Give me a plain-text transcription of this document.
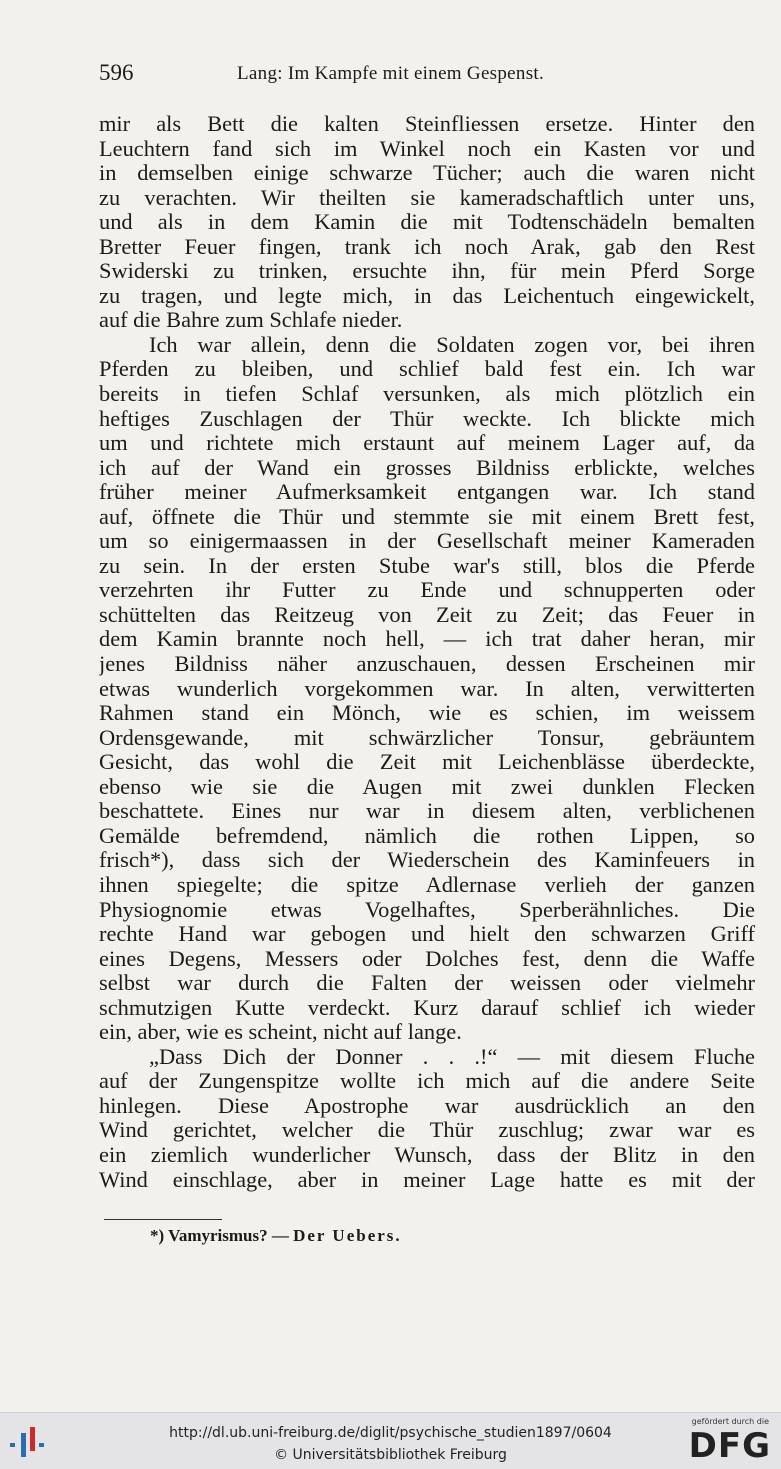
596	Lang: Im Kampfe mit einem Gespenst.
mir als Bett die kalten Steinfliessen ersetze. Hinter den
Leuchtern fand sich im Winkel noch ein Kasten vor und
in demselben einige schwarze Tücher; auch die waren nicht
zu verachten. Wir theilten sie kameradschaftlich unter uns,
und als in dem Kamin die mit Todtenschädeln bemalten
Bretter Feuer fingen, trank ich noch Arak, gab den Rest
Swiderski zu trinken, ersuchte ihn, für mein Pferd Sorge
zu tragen, und legte mich, in das Leichentuch eingewickelt,
auf die Bahre zum Schlafe nieder.
Ich war allein, denn die Soldaten zogen vor, bei ihren
Pferden zu bleiben, und schlief bald fest ein. Ich war
bereits in tiefen Schlaf versunken, als mich plötzlich ein
heftiges Zuschlagen der Thür weckte. Ich blickte mich
um und richtete mich erstaunt auf meinem Lager auf, da
ich auf der Wand ein grosses Bildniss erblickte, welches
früher meiner Aufmerksamkeit entgangen war. Ich stand
auf, öffnete die Thür und stemmte sie mit einem Brett fest,
um so einigermaassen in der Gesellschaft meiner Kameraden
zu sein. In der ersten Stube war's still, blos die Pferde
verzehrten ihr Futter zu Ende und schnupperten oder
schüttelten das Reitzeug von Zeit zu Zeit; das Feuer in
dem Kamin brannte noch hell, — ich trat daher heran, mir
jenes Bildniss näher anzuschauen, dessen Erscheinen mir
etwas wunderlich vorgekommen war. In alten, verwitterten
Rahmen stand ein Mönch, wie es schien, im weissem
Ordensgewande, mit schwärzlicher Tonsur, gebräuntem
Gesicht, das wohl die Zeit mit Leichenblässe überdeckte,
ebenso wie sie die Augen mit zwei dunklen Flecken
beschattete. Eines nur war in diesem alten, verblichenen
Gemälde befremdend, nämlich die rothen Lippen, so
frisch*), dass sich der Wiederschein des Kaminfeuers in
ihnen spiegelte; die spitze Adlernase verlieh der ganzen
Physiognomie etwas Vogelhaftes, Sperberähnliches. Die
rechte Hand war gebogen und hielt den schwarzen Griff
eines Degens, Messers oder Dolches fest, denn die Waffe
selbst war durch die Falten der weissen oder vielmehr
schmutzigen Kutte verdeckt. Kurz darauf schlief ich wieder
ein, aber, wie es scheint, nicht auf lange.
„Dass Dich der Donner . . .!“ — mit diesem Fluche
auf der Zungenspitze wollte ich mich auf die andere Seite
hinlegen. Diese Apostrophe war ausdrücklich an den
Wind gerichtet, welcher die Thür zuschlug; zwar war es
ein ziemlich wunderlicher Wunsch, dass der Blitz in den
Wind einschlage, aber in meiner Lage hatte es mit der
*) Vamyrismus? — Der Uebers.
http://dl.ub.uni-freiburg.de/diglit/psychische_studien1897/0604
© Universitätsbibliothek Freiburg
gefördert durch die
DFG
